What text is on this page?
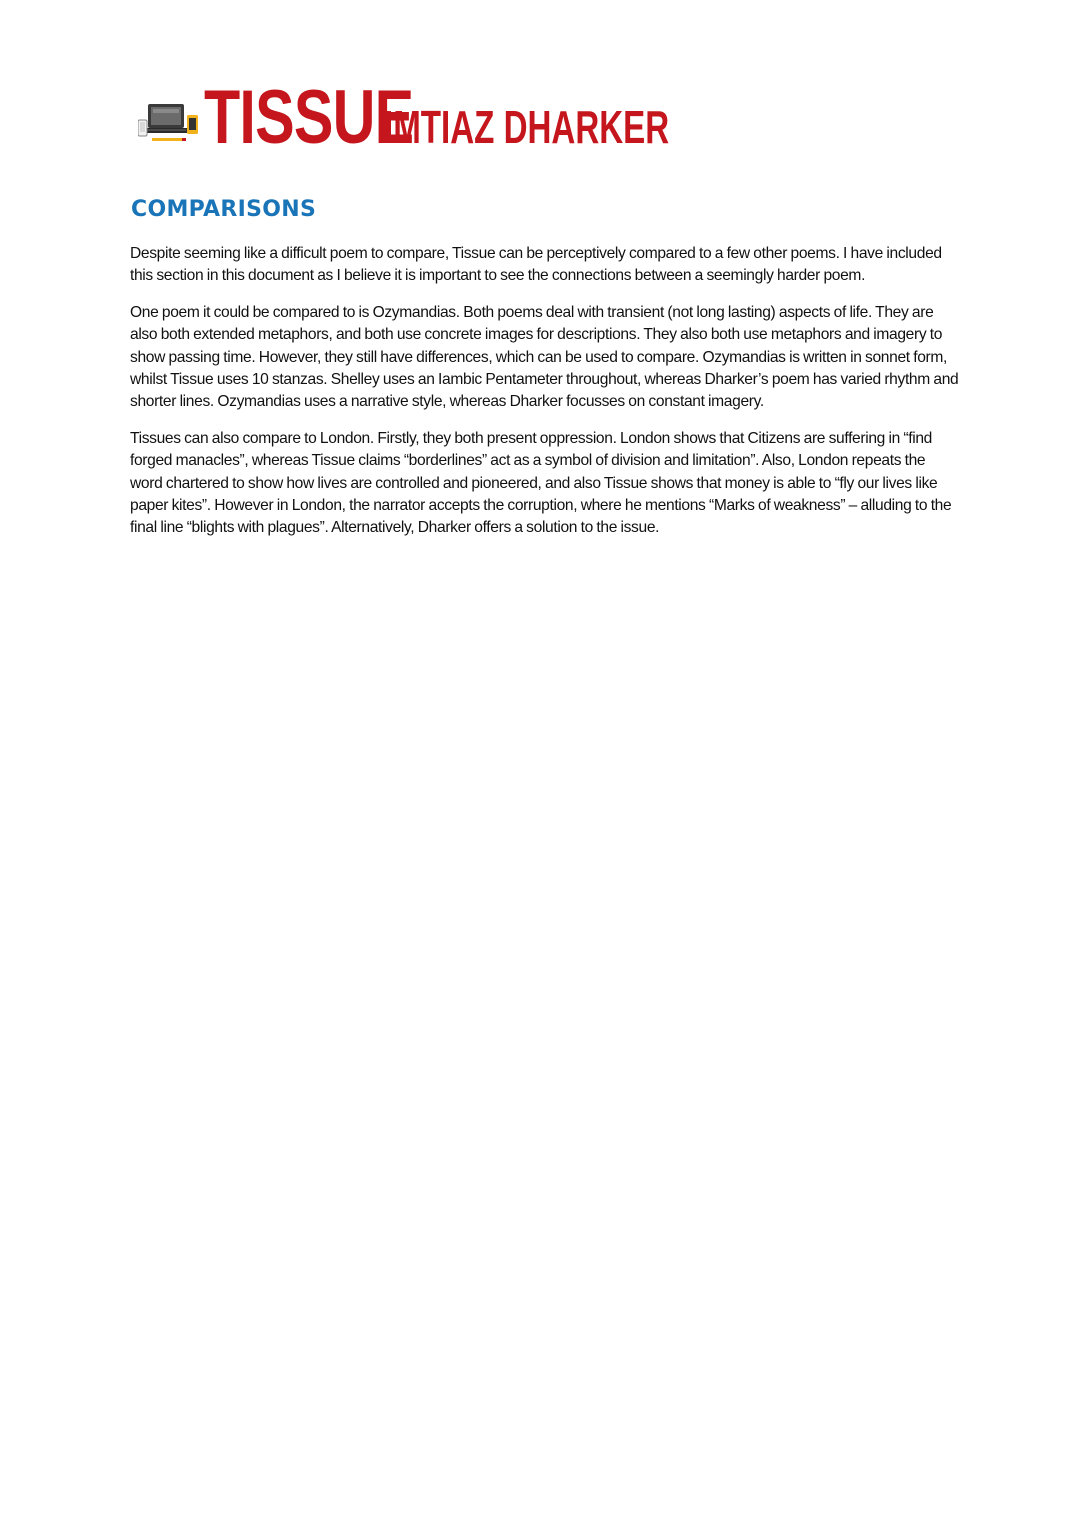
TISSUE
IMTIAZ DHARKER
COMPARISONS

Despite seeming like a difficult poem to compare, Tissue can be perceptively compared to a few other poems. I have included this section in this document as I believe it is important to see the connections between a seemingly harder poem.

One poem it could be compared to is Ozymandias. Both poems deal with transient (not long lasting) aspects of life. They are also both extended metaphors, and both use concrete images for descriptions. They also both use metaphors and imagery to show passing time. However, they still have differences, which can be used to compare. Ozymandias is written in sonnet form, whilst Tissue uses 10 stanzas. Shelley uses an Iambic Pentameter throughout, whereas Dharker’s poem has varied rhythm and shorter lines. Ozymandias uses a narrative style, whereas Dharker focusses on constant imagery.

Tissues can also compare to London. Firstly, they both present oppression. London shows that Citizens are suffering in “find forged manacles”, whereas Tissue claims “borderlines” act as a symbol of division and limitation”. Also, London repeats the word chartered to show how lives are controlled and pioneered, and also Tissue shows that money is able to “fly our lives like paper kites”. However in London, the narrator accepts the corruption, where he mentions “Marks of weakness” – alluding to the final line “blights with plagues”. Alternatively, Dharker offers a solution to the issue.
